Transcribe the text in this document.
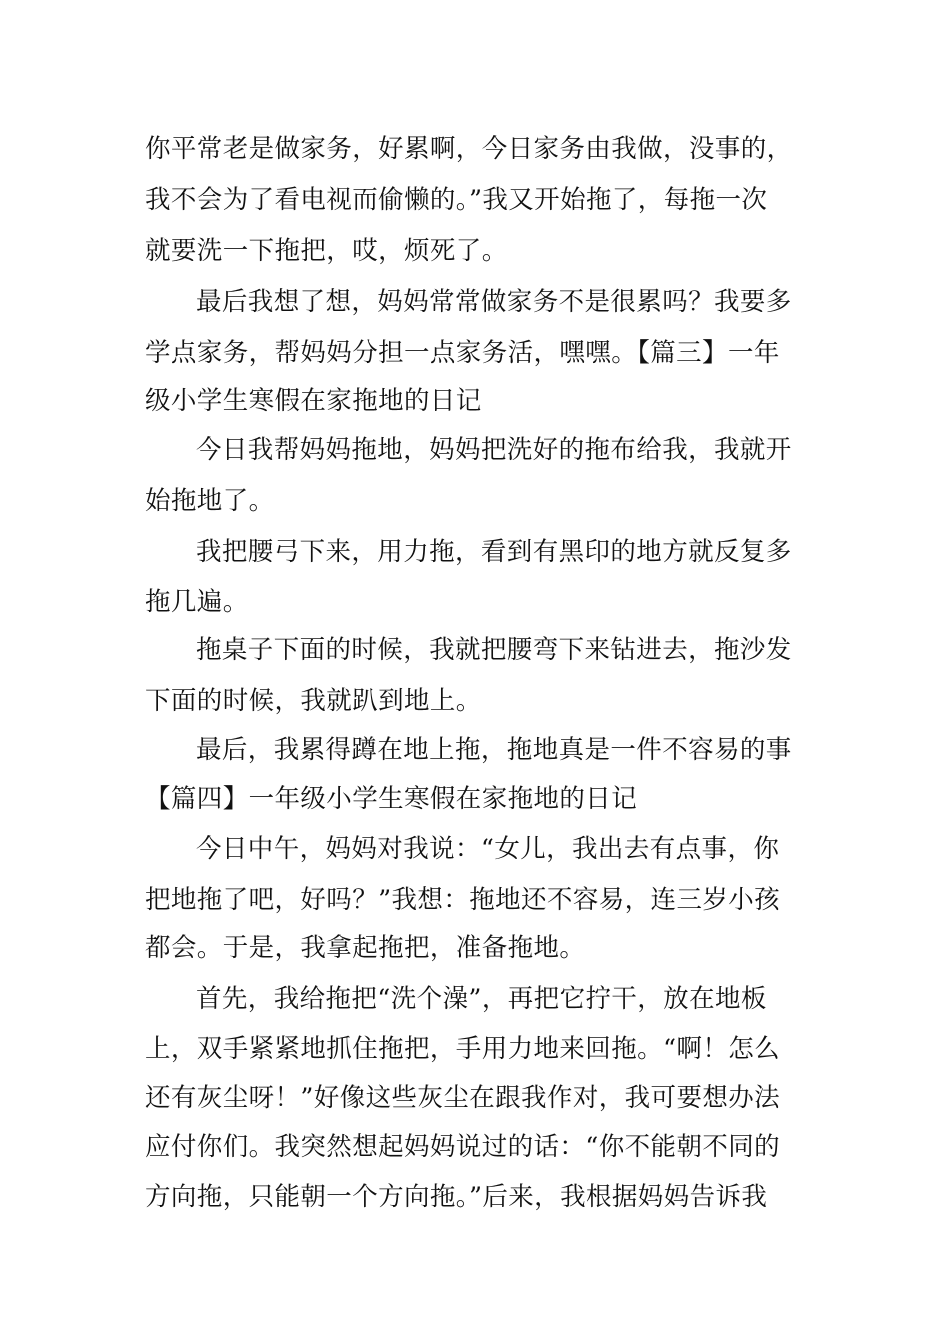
你平常老是做家务，好累啊，今日家务由我做，没事的，
我不会为了看电视而偷懒的。”我又开始拖了，每拖一次
就要洗一下拖把，哎，烦死了。
最后我想了想，妈妈常常做家务不是很累吗？我要多
学点家务，帮妈妈分担一点家务活，嘿嘿。【篇三】一年
级小学生寒假在家拖地的日记
今日我帮妈妈拖地，妈妈把洗好的拖布给我，我就开
始拖地了。
我把腰弓下来，用力拖，看到有黑印的地方就反复多
拖几遍。
拖桌子下面的时候，我就把腰弯下来钻进去，拖沙发
下面的时候，我就趴到地上。
最后，我累得蹲在地上拖，拖地真是一件不容易的事
【篇四】一年级小学生寒假在家拖地的日记
今日中午，妈妈对我说：“女儿，我出去有点事，你
把地拖了吧，好吗？”我想：拖地还不容易，连三岁小孩
都会。于是，我拿起拖把，准备拖地。
首先，我给拖把“洗个澡”，再把它拧干，放在地板
上，双手紧紧地抓住拖把，手用力地来回拖。“啊！怎么
还有灰尘呀！”好像这些灰尘在跟我作对，我可要想办法
应付你们。我突然想起妈妈说过的话：“你不能朝不同的
方向拖，只能朝一个方向拖。”后来，我根据妈妈告诉我
